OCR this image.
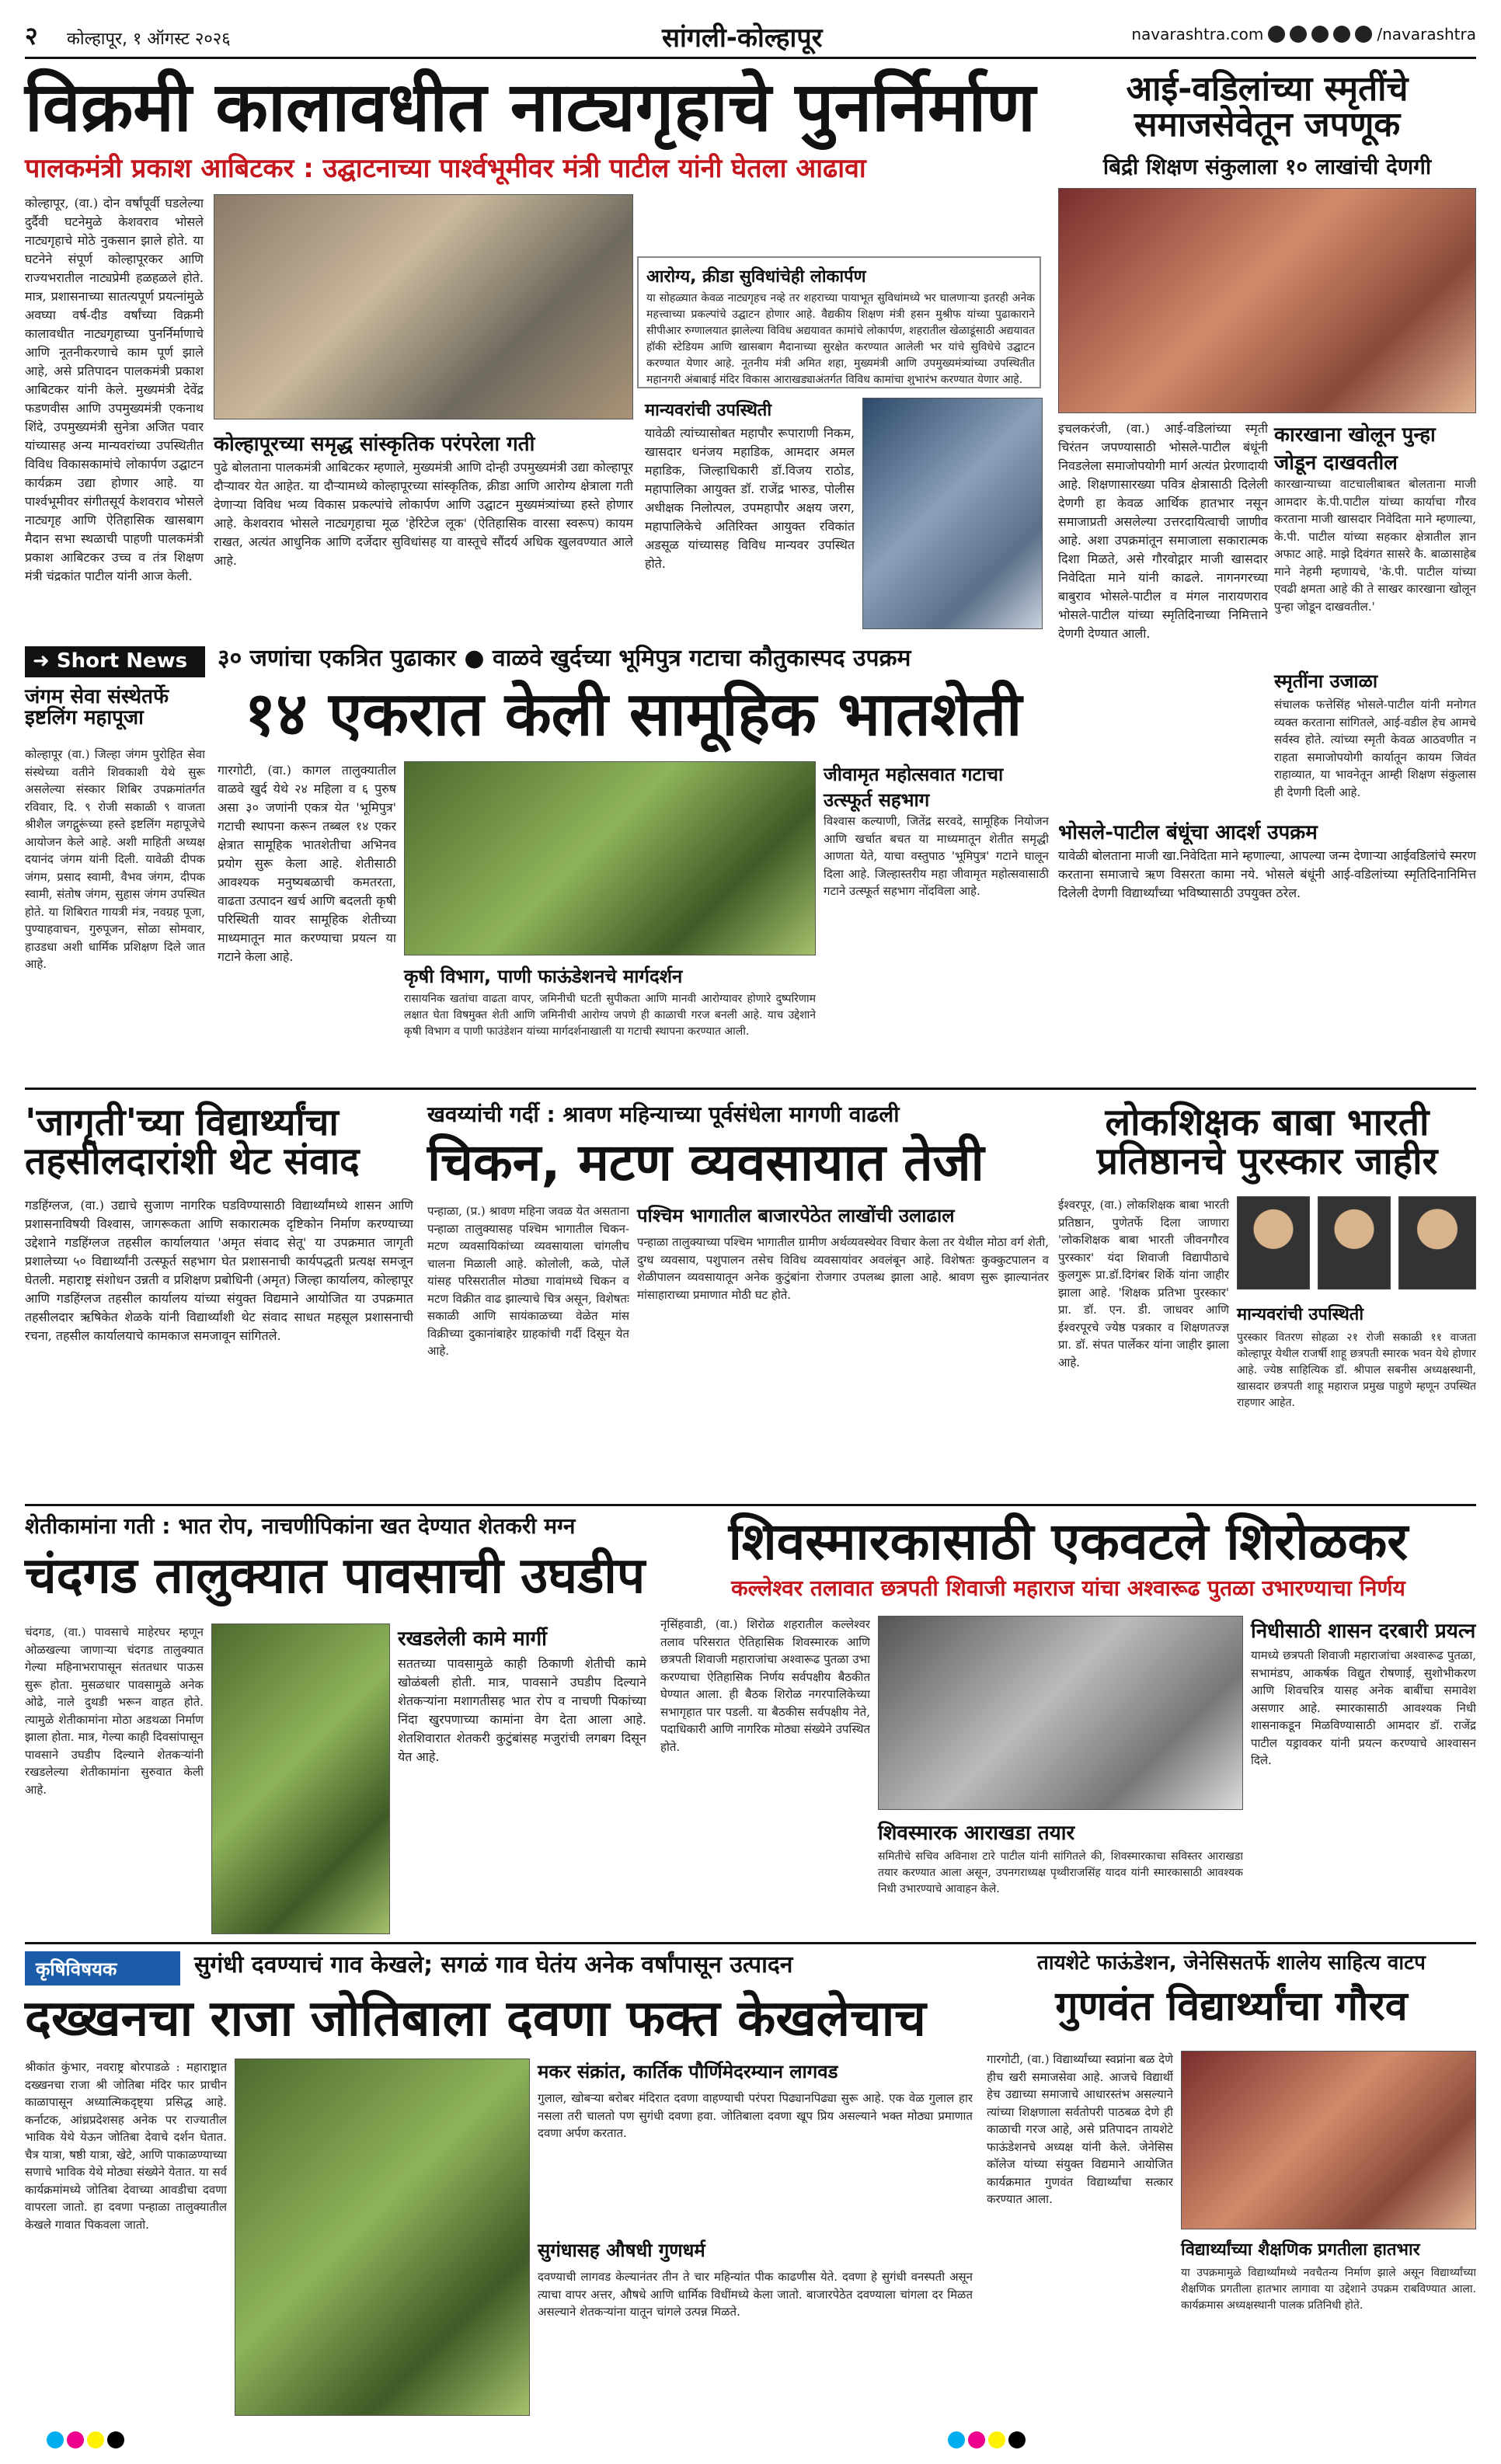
२ कोल्हापूर, १ ऑगस्ट २०२६	सांगली-कोल्हापूर	navarashtra.com	/navarashtra
विक्रमी कालावधीत नाट्यगृहाचे पुनर्निर्माण
पालकमंत्री प्रकाश आबिटकर : उद्घाटनाच्या पार्श्वभूमीवर मंत्री पाटील यांनी घेतला आढावा
कोल्हापूर, (वा.) दोन वर्षांपूर्वी घडलेल्या दुर्दैवी घटनेमुळे केशवराव भोसले नाट्यगृहाचे मोठे नुकसान झाले होते. या घटनेने संपूर्ण कोल्हापूरकर आणि राज्यभरातील नाट्यप्रेमी हळहळले होते. मात्र, प्रशासनाच्या सातत्यपूर्ण प्रयत्नांमुळे अवघ्या वर्ष-दीड वर्षांच्या विक्रमी कालावधीत नाट्यगृहाच्या पुनर्निर्माणाचे आणि नूतनीकरणाचे काम पूर्ण झाले आहे, असे प्रतिपादन पालकमंत्री प्रकाश आबिटकर यांनी केले. मुख्यमंत्री देवेंद्र फडणवीस आणि उपमुख्यमंत्री एकनाथ शिंदे, उपमुख्यमंत्री सुनेत्रा अजित पवार यांच्यासह अन्य मान्यवरांच्या उपस्थितीत विविध विकासकामांचे लोकार्पण उद्घाटन कार्यक्रम उद्या होणार आहे. या पार्श्वभूमीवर संगीतसूर्य केशवराव भोसले नाट्यगृह आणि ऐतिहासिक खासबाग मैदान सभा स्थळाची पाहणी पालकमंत्री प्रकाश आबिटकर उच्च व तंत्र शिक्षण मंत्री चंद्रकांत पाटील यांनी आज केली.
आरोग्य, क्रीडा सुविधांचेही लोकार्पण
या सोहळ्यात केवळ नाट्यगृहच नव्हे तर शहराच्या पायाभूत सुविधांमध्ये भर घालणाऱ्या इतरही अनेक महत्त्वाच्या प्रकल्पांचे उद्घाटन होणार आहे. वैद्यकीय शिक्षण मंत्री हसन मुश्रीफ यांच्या पुढाकाराने सीपीआर रुग्णालयात झालेल्या विविध अद्ययावत कामांचे लोकार्पण, शहरातील खेळाडूंसाठी अद्ययावत हॉकी स्टेडियम आणि खासबाग मैदानाच्या सुरक्षेत करण्यात आलेली भर यांचे सुविधेचे उद्घाटन करण्यात येणार आहे. नूतनीय मंत्री अमित शहा, मुख्यमंत्री आणि उपमुख्यमंत्र्यांच्या उपस्थितीत महानगरी अंबाबाई मंदिर विकास आराखड्याअंतर्गत विविध कामांचा शुभारंभ करण्यात येणार आहे.
कोल्हापूरच्या समृद्ध सांस्कृतिक परंपरेला गती
पुढे बोलताना पालकमंत्री आबिटकर म्हणाले, मुख्यमंत्री आणि दोन्ही उपमुख्यमंत्री उद्या कोल्हापूर दौऱ्यावर येत आहेत. या दौऱ्यामध्ये कोल्हापूरच्या सांस्कृतिक, क्रीडा आणि आरोग्य क्षेत्राला गती देणाऱ्या विविध भव्य विकास प्रकल्पांचे लोकार्पण आणि उद्घाटन मुख्यमंत्र्यांच्या हस्ते होणार आहे. केशवराव भोसले नाट्यगृहाचा मूळ 'हेरिटेज लूक' (ऐतिहासिक वारसा स्वरूप) कायम राखत, अत्यंत आधुनिक आणि दर्जेदार सुविधांसह या वास्तूचे सौंदर्य अधिक खुलवण्यात आले आहे.
मान्यवरांची उपस्थिती
यावेळी त्यांच्यासोबत महापौर रूपाराणी निकम, खासदार धनंजय महाडिक, आमदार अमल महाडिक, जिल्हाधिकारी डॉ.विजय राठोड, महापालिका आयुक्त डॉ. राजेंद्र भारुड, पोलीस अधीक्षक निलोत्पल, उपमहापौर अक्षय जरग, महापालिकेचे अतिरिक्त आयुक्त रविकांत अडसूळ यांच्यासह विविध मान्यवर उपस्थित होते.
आई-वडिलांच्या स्मृतींचे समाजसेवेतून जपणूक
बिद्री शिक्षण संकुलाला १० लाखांची देणगी
इचलकरंजी, (वा.) आई-वडिलांच्या स्मृती चिरंतन जपण्यासाठी भोसले-पाटील बंधूंनी निवडलेला समाजोपयोगी मार्ग अत्यंत प्रेरणादायी आहे. शिक्षणासारख्या पवित्र क्षेत्रासाठी दिलेली देणगी हा केवळ आर्थिक हातभार नसून समाजाप्रती असलेल्या उत्तरदायित्वाची जाणीव आहे. अशा उपक्रमांतून समाजाला सकारात्मक दिशा मिळते, असे गौरवोद्गार माजी खासदार निवेदिता माने यांनी काढले. नागनगरच्या बाबुराव भोसले-पाटील व मंगल नारायणराव भोसले-पाटील यांच्या स्मृतिदिनाच्या निमित्ताने देणगी देण्यात आली.
कारखाना खोलून पुन्हा जोडून दाखवतील
कारखान्याच्या वाटचालीबाबत बोलताना माजी आमदार के.पी.पाटील यांच्या कार्याचा गौरव करताना माजी खासदार निवेदिता माने म्हणाल्या, के.पी. पाटील यांच्या सहकार क्षेत्रातील ज्ञान अफाट आहे. माझे दिवंगत सासरे कै. बाळासाहेब माने नेहमी म्हणायचे, 'के.पी. पाटील यांच्या एवढी क्षमता आहे की ते साखर कारखाना खोलून पुन्हा जोडून दाखवतील.'
स्मृतींना उजाळा
संचालक फत्तेसिंह भोसले-पाटील यांनी मनोगत व्यक्त करताना सांगितले, आई-वडील हेच आमचे सर्वस्व होते. त्यांच्या स्मृती केवळ आठवणीत न राहता समाजोपयोगी कार्यातून कायम जिवंत राहाव्यात, या भावनेतून आम्ही शिक्षण संकुलास ही देणगी दिली आहे.
भोसले-पाटील बंधूंचा आदर्श उपक्रम
यावेळी बोलताना माजी खा.निवेदिता माने म्हणाल्या, आपल्या जन्म देणाऱ्या आईवडिलांचे स्मरण करताना समाजाचे ऋण विसरता कामा नये. भोसले बंधूंनी आई-वडिलांच्या स्मृतिदिनानिमित्त दिलेली देणगी विद्यार्थ्यांच्या भविष्यासाठी उपयुक्त ठरेल.
➜ Short News
जंगम सेवा संस्थेतर्फे इष्टलिंग महापूजा
कोल्हापूर (वा.) जिल्हा जंगम पुरोहित सेवा संस्थेच्या वतीने शिवकाशी येथे सुरू असलेल्या संस्कार शिबिर उपक्रमांतर्गत रविवार, दि. ९ रोजी सकाळी ९ वाजता श्रीशैल जगद्गुरूंच्या हस्ते इष्टलिंग महापूजेचे आयोजन केले आहे. अशी माहिती अध्यक्ष दयानंद जंगम यांनी दिली. यावेळी दीपक जंगम, प्रसाद स्वामी, वैभव जंगम, दीपक स्वामी, संतोष जंगम, सुहास जंगम उपस्थित होते. या शिबिरात गायत्री मंत्र, नवग्रह पूजा, पुण्याहवाचन, गुरुपूजन, सोळा सोमवार, हाउडधा अशी धार्मिक प्रशिक्षण दिले जात आहे.
३० जणांचा एकत्रित पुढाकार ● वाळवे खुर्दच्या भूमिपुत्र गटाचा कौतुकास्पद उपक्रम
१४ एकरात केली सामूहिक भातशेती
गारगोटी, (वा.) कागल तालुक्यातील वाळवे खुर्द येथे २४ महिला व ६ पुरुष असा ३० जणांनी एकत्र येत 'भूमिपुत्र' गटाची स्थापना करून तब्बल १४ एकर क्षेत्रात सामूहिक भातशेतीचा अभिनव प्रयोग सुरू केला आहे. शेतीसाठी आवश्यक मनुष्यबळाची कमतरता, वाढता उत्पादन खर्च आणि बदलती कृषी परिस्थिती यावर सामूहिक शेतीच्या माध्यमातून मात करण्याचा प्रयत्न या गटाने केला आहे.
जीवामृत महोत्सवात गटाचा उत्स्फूर्त सहभाग
विश्वास कल्याणी, जितेंद्र सरवदे, सामूहिक नियोजन आणि खर्चात बचत या माध्यमातून शेतीत समृद्धी आणता येते, याचा वस्तुपाठ 'भूमिपुत्र' गटाने घालून दिला आहे. जिल्हास्तरीय महा जीवामृत महोत्सवासाठी गटाने उत्स्फूर्त सहभाग नोंदविला आहे.
कृषी विभाग, पाणी फाऊंडेशनचे मार्गदर्शन
रासायनिक खतांचा वाढता वापर, जमिनीची घटती सुपीकता आणि मानवी आरोग्यावर होणारे दुष्परिणाम लक्षात घेता विषमुक्त शेती आणि जमिनीची आरोग्य जपणे ही काळाची गरज बनली आहे. याच उद्देशाने कृषी विभाग व पाणी फाउंडेशन यांच्या मार्गदर्शनाखाली या गटाची स्थापना करण्यात आली.
'जागृती'च्या विद्यार्थ्यांचा तहसीलदारांशी थेट संवाद
गडहिंग्लज, (वा.) उद्याचे सुजाण नागरिक घडविण्यासाठी विद्यार्थ्यांमध्ये शासन आणि प्रशासनाविषयी विश्वास, जागरूकता आणि सकारात्मक दृष्टिकोन निर्माण करण्याच्या उद्देशाने गडहिंग्लज तहसील कार्यालयात 'अमृत संवाद सेतू' या उपक्रमात जागृती प्रशालेच्या ५० विद्यार्थ्यांनी उत्स्फूर्त सहभाग घेत प्रशासनाची कार्यपद्धती प्रत्यक्ष समजून घेतली. महाराष्ट्र संशोधन उन्नती व प्रशिक्षण प्रबोधिनी (अमृत) जिल्हा कार्यालय, कोल्हापूर आणि गडहिंग्लज तहसील कार्यालय यांच्या संयुक्त विद्यमाने आयोजित या उपक्रमात तहसीलदार ऋषिकेत शेळके यांनी विद्यार्थ्यांशी थेट संवाद साधत महसूल प्रशासनाची रचना, तहसील कार्यालयाचे कामकाज समजावून सांगितले.
खवय्यांची गर्दी : श्रावण महिन्याच्या पूर्वसंधेला मागणी वाढली
चिकन, मटण व्यवसायात तेजी
पश्चिम भागातील बाजारपेठेत लाखोंची उलाढाल
पन्हाळा, (प्र.) श्रावण महिना जवळ येत असताना पन्हाळा तालुक्यासह पश्चिम भागातील चिकन-मटण व्यवसायिकांच्या व्यवसायाला चांगलीच चालना मिळाली आहे. कोलोली, कळे, पोर्ले यांसह परिसरातील मोठ्या गावांमध्ये चिकन व मटण विक्रीत वाढ झाल्याचे चित्र असून, विशेषतः सकाळी आणि सायंकाळच्या वेळेत मांस विक्रीच्या दुकानांबाहेर ग्राहकांची गर्दी दिसून येत आहे.
पन्हाळा तालुक्याच्या पश्चिम भागातील ग्रामीण अर्थव्यवस्थेवर विचार केला तर येथील मोठा वर्ग शेती, दुग्ध व्यवसाय, पशुपालन तसेच विविध व्यवसायांवर अवलंबून आहे. विशेषतः कुक्कुटपालन व शेळीपालन व्यवसायातून अनेक कुटुंबांना रोजगार उपलब्ध झाला आहे. श्रावण सुरू झाल्यानंतर मांसाहाराच्या प्रमाणात मोठी घट होते.
लोकशिक्षक बाबा भारती प्रतिष्ठानचे पुरस्कार जाहीर
ईश्वरपूर, (वा.) लोकशिक्षक बाबा भारती प्रतिष्ठान, पुणेतर्फे दिला जाणारा 'लोकशिक्षक बाबा भारती जीवनगौरव पुरस्कार' यंदा शिवाजी विद्यापीठाचे कुलगुरू प्रा.डॉ.दिगंबर शिर्के यांना जाहीर झाला आहे. 'शिक्षक प्रतिभा पुरस्कार' प्रा. डॉ. एन. डी. जाधवर आणि ईश्वरपूरचे ज्येष्ठ पत्रकार व शिक्षणतज्ज्ञ प्रा. डॉ. संपत पार्लेकर यांना जाहीर झाला आहे.
मान्यवरांची उपस्थिती
पुरस्कार वितरण सोहळा २१ रोजी सकाळी ११ वाजता कोल्हापूर येथील राजर्षी शाहू छत्रपती स्मारक भवन येथे होणार आहे. ज्येष्ठ साहित्यिक डॉ. श्रीपाल सबनीस अध्यक्षस्थानी, खासदार छत्रपती शाहू महाराज प्रमुख पाहुणे म्हणून उपस्थित राहणार आहेत.
शेतीकामांना गती : भात रोप, नाचणीपिकांना खत देण्यात शेतकरी मग्न
चंदगड तालुक्यात पावसाची उघडीप
चंदगड, (वा.) पावसाचे माहेरघर म्हणून ओळखल्या जाणाऱ्या चंदगड तालुक्यात गेल्या महिनाभरापासून संततधार पाऊस सुरू होता. मुसळधार पावसामुळे अनेक ओढे, नाले दुथडी भरून वाहत होते. त्यामुळे शेतीकामांना मोठा अडथळा निर्माण झाला होता. मात्र, गेल्या काही दिवसांपासून पावसाने उघडीप दिल्याने शेतकऱ्यांनी रखडलेल्या शेतीकामांना सुरुवात केली आहे.
रखडलेली कामे मार्गी
सततच्या पावसामुळे काही ठिकाणी शेतीची कामे खोळंबली होती. मात्र, पावसाने उघडीप दिल्याने शेतकऱ्यांना मशागतीसह भात रोप व नाचणी पिकांच्या निंदा खुरपणाच्या कामांना वेग देता आला आहे. शेतशिवारात शेतकरी कुटुंबांसह मजुरांची लगबग दिसून येत आहे.
शिवस्मारकासाठी एकवटले शिरोळकर
कल्लेश्वर तलावात छत्रपती शिवाजी महाराज यांचा अश्वारूढ पुतळा उभारण्याचा निर्णय
नृसिंहवाडी, (वा.) शिरोळ शहरातील कल्लेश्वर तलाव परिसरात ऐतिहासिक शिवस्मारक आणि छत्रपती शिवाजी महाराजांचा अश्वारूढ पुतळा उभा करण्याचा ऐतिहासिक निर्णय सर्वपक्षीय बैठकीत घेण्यात आला. ही बैठक शिरोळ नगरपालिकेच्या सभागृहात पार पडली. या बैठकीस सर्वपक्षीय नेते, पदाधिकारी आणि नागरिक मोठ्या संख्येने उपस्थित होते.
शिवस्मारक आराखडा तयार
समितीचे सचिव अविनाश टारे पाटील यांनी सांगितले की, शिवस्मारकाचा सविस्तर आराखडा तयार करण्यात आला असून, उपनगराध्यक्ष पृथ्वीराजसिंह यादव यांनी स्मारकासाठी आवश्यक निधी उभारण्याचे आवाहन केले.
निधीसाठी शासन दरबारी प्रयत्न
यामध्ये छत्रपती शिवाजी महाराजांचा अश्वारूढ पुतळा, सभामंडप, आकर्षक विद्युत रोषणाई, सुशोभीकरण आणि शिवचरित्र यासह अनेक बाबींचा समावेश असणार आहे. स्मारकासाठी आवश्यक निधी शासनाकडून मिळविण्यासाठी आमदार डॉ. राजेंद्र पाटील यड्रावकर यांनी प्रयत्न करण्याचे आश्वासन दिले.
कृषिविषयक	सुगंधी दवण्याचं गाव केखले; सगळं गाव घेतंय अनेक वर्षांपासून उत्पादन
दख्खनचा राजा जोतिबाला दवणा फक्त केखलेचाच
श्रीकांत कुंभार, नवराष्ट्र बोरपाडळे : महाराष्ट्रात दख्खनचा राजा श्री जोतिबा मंदिर फार प्राचीन काळापासून अध्यात्मिकदृष्ट्या प्रसिद्ध आहे. कर्नाटक, आंध्रप्रदेशसह अनेक पर राज्यातील भाविक येथे येऊन जोतिबा देवाचे दर्शन घेतात. चैत्र यात्रा, षष्ठी यात्रा, खेटे, आणि पाकाळण्याच्या सणाचे भाविक येथे मोठ्या संख्येने येतात. या सर्व कार्यक्रमांमध्ये जोतिबा देवाच्या आवडीचा दवणा वापरला जातो. हा दवणा पन्हाळा तालुक्यातील केखले गावात पिकवला जातो.
मकर संक्रांत, कार्तिक पौर्णिमेदरम्यान लागवड
गुलाल, खोबऱ्या बरोबर मंदिरात दवणा वाहण्याची परंपरा पिढ्यानपिढ्या सुरू आहे. एक वेळ गुलाल हार नसला तरी चालतो पण सुगंधी दवणा हवा. जोतिबाला दवणा खूप प्रिय असल्याने भक्त मोठ्या प्रमाणात दवणा अर्पण करतात.
सुगंधासह औषधी गुणधर्म
दवण्याची लागवड केल्यानंतर तीन ते चार महिन्यांत पीक काढणीस येते. दवणा हे सुगंधी वनस्पती असून त्याचा वापर अत्तर, औषधे आणि धार्मिक विधींमध्ये केला जातो. बाजारपेठेत दवण्याला चांगला दर मिळत असल्याने शेतकऱ्यांना यातून चांगले उत्पन्न मिळते.
तायशेटे फाऊंडेशन, जेनेसिसतर्फे शालेय साहित्य वाटप
गुणवंत विद्यार्थ्यांचा गौरव
गारगोटी, (वा.) विद्यार्थ्यांच्या स्वप्नांना बळ देणे हीच खरी समाजसेवा आहे. आजचे विद्यार्थी हेच उद्याच्या समाजाचे आधारस्तंभ असल्याने त्यांच्या शिक्षणाला सर्वतोपरी पाठबळ देणे ही काळाची गरज आहे, असे प्रतिपादन तायशेटे फाऊंडेशनचे अध्यक्ष यांनी केले. जेनेसिस कॉलेज यांच्या संयुक्त विद्यमाने आयोजित कार्यक्रमात गुणवंत विद्यार्थ्यांचा सत्कार करण्यात आला.
विद्यार्थ्यांच्या शैक्षणिक प्रगतीला हातभार
या उपक्रमामुळे विद्यार्थ्यांमध्ये नवचैतन्य निर्माण झाले असून विद्यार्थ्यांच्या शैक्षणिक प्रगतीला हातभार लागावा या उद्देशाने उपक्रम राबविण्यात आला. कार्यक्रमास अध्यक्षस्थानी पालक प्रतिनिधी होते.
